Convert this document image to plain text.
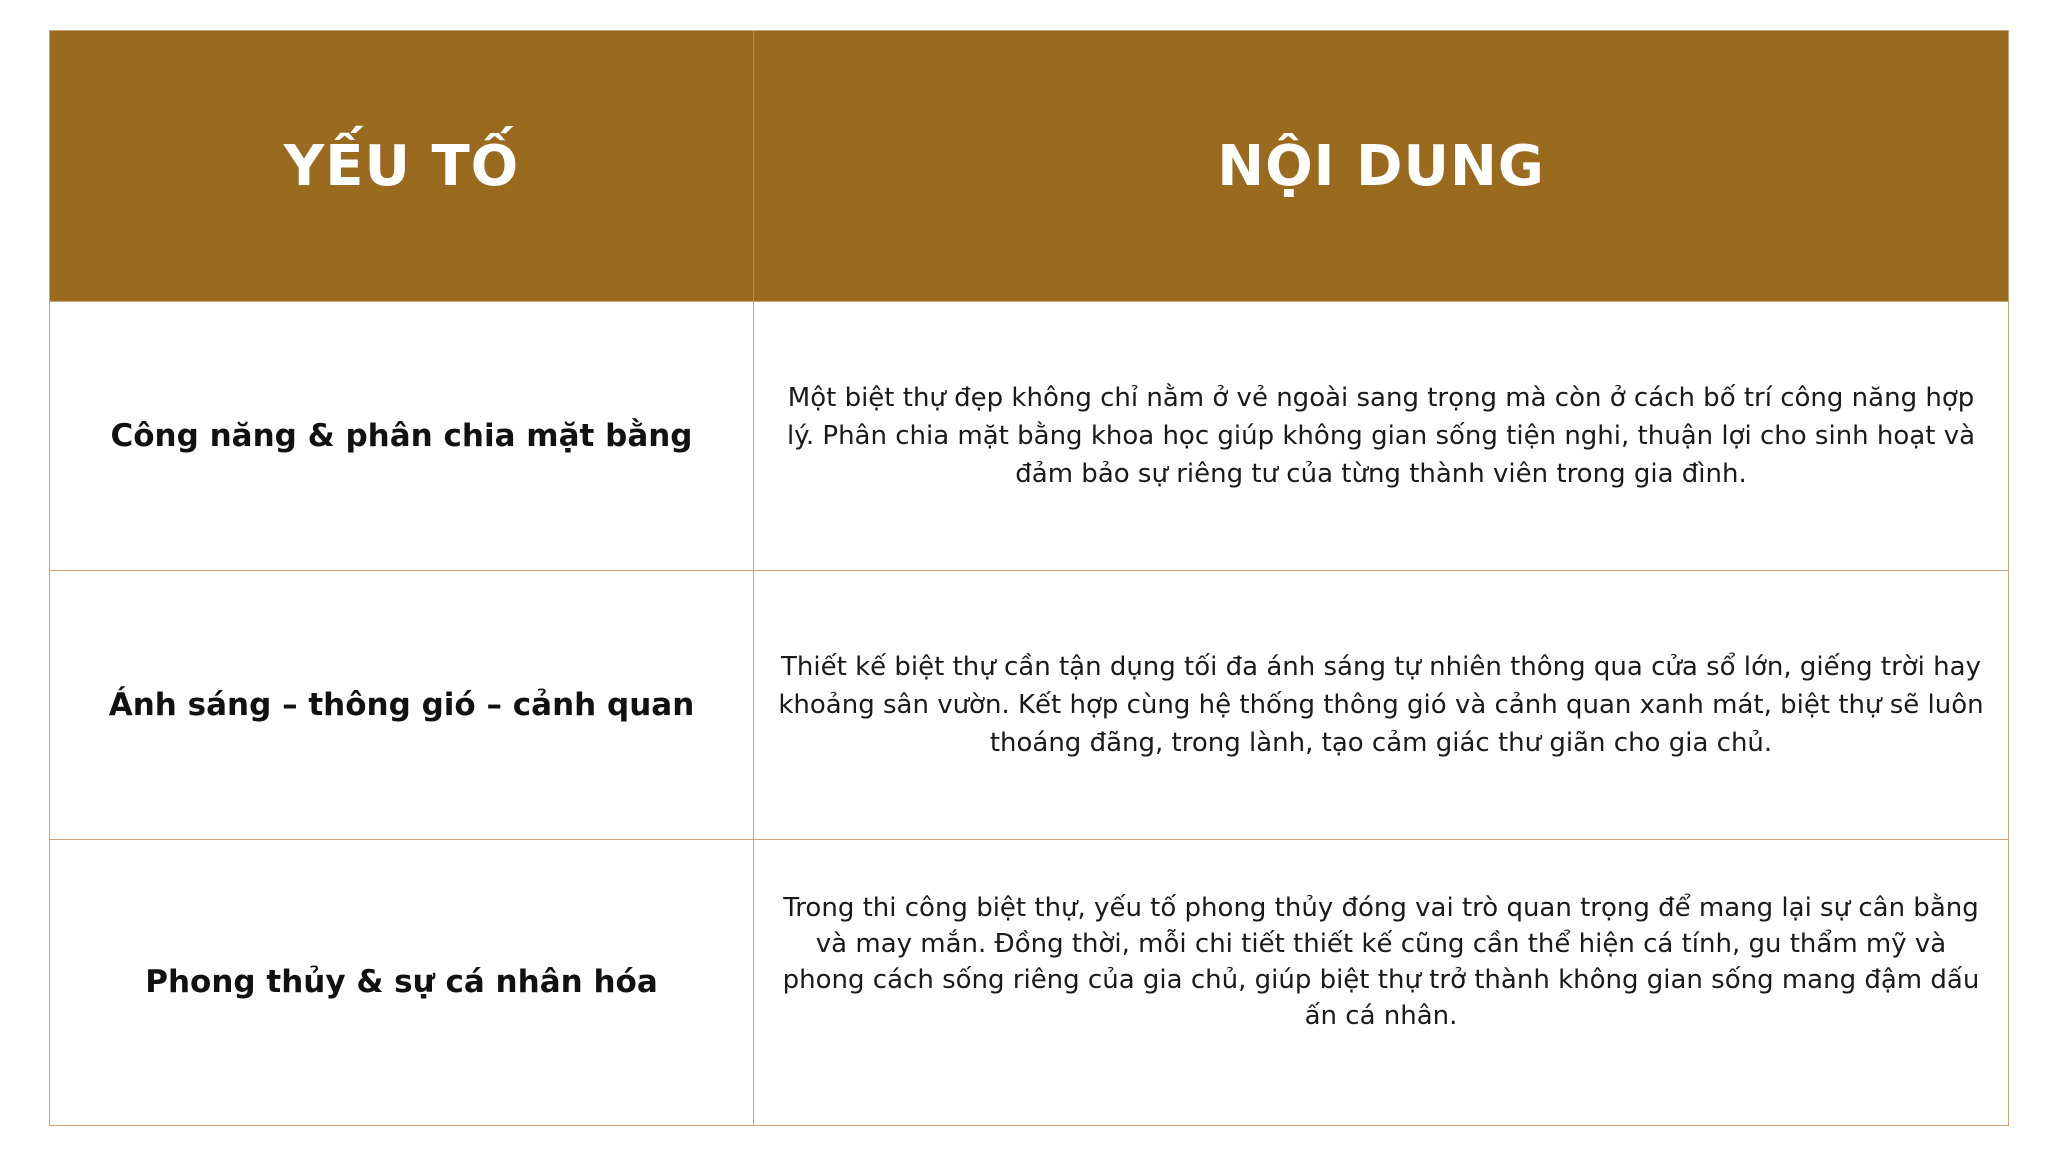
YẾU TỐ	NỘI DUNG
Công năng & phân chia mặt bằng
Một biệt thự đẹp không chỉ nằm ở vẻ ngoài sang trọng mà còn ở cách bố trí công năng hợp lý. Phân chia mặt bằng khoa học giúp không gian sống tiện nghi, thuận lợi cho sinh hoạt và đảm bảo sự riêng tư của từng thành viên trong gia đình.
Ánh sáng – thông gió – cảnh quan
Thiết kế biệt thự cần tận dụng tối đa ánh sáng tự nhiên thông qua cửa sổ lớn, giếng trời hay khoảng sân vườn. Kết hợp cùng hệ thống thông gió và cảnh quan xanh mát, biệt thự sẽ luôn thoáng đãng, trong lành, tạo cảm giác thư giãn cho gia chủ.
Phong thủy & sự cá nhân hóa
Trong thi công biệt thự, yếu tố phong thủy đóng vai trò quan trọng để mang lại sự cân bằng và may mắn. Đồng thời, mỗi chi tiết thiết kế cũng cần thể hiện cá tính, gu thẩm mỹ và phong cách sống riêng của gia chủ, giúp biệt thự trở thành không gian sống mang đậm dấu ấn cá nhân.
